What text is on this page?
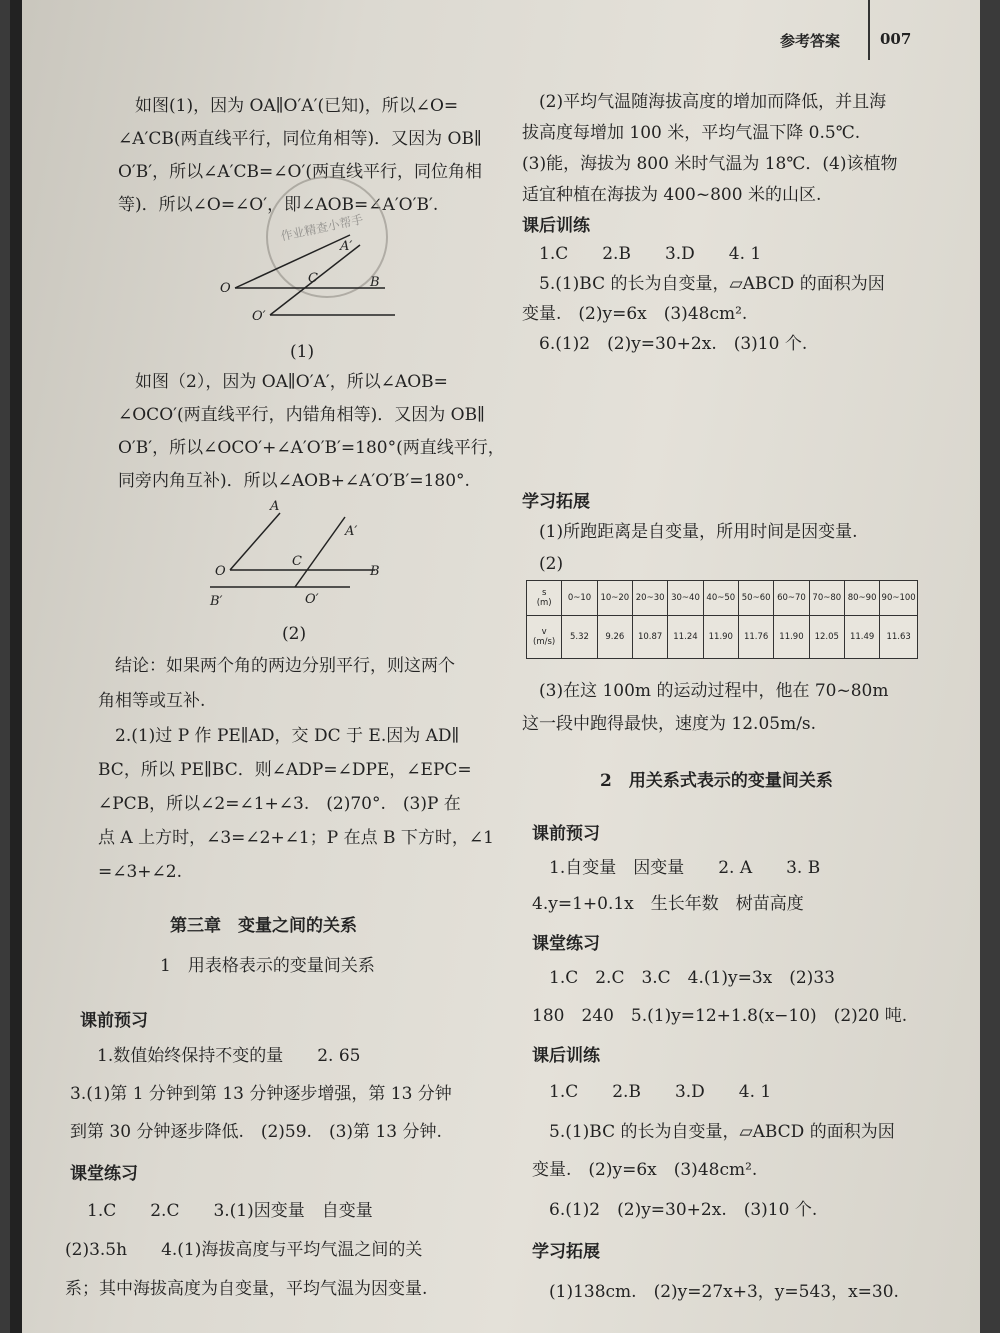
参考答案	007

　如图(1)，因为 OA∥O′A′(已知)，所以∠O=

∠A′CB(两直线平行，同位角相等)．又因为 OB∥

O′B′，所以∠A′CB=∠O′(两直线平行，同位角相

等)．所以∠O=∠O′，即∠AOB=∠A′O′B′.

作业精查小帮手
A′
O	B
O′
C

(1)

　如图（2），因为 OA∥O′A′，所以∠AOB=

∠OCO′(两直线平行，内错角相等)．又因为 OB∥

O′B′，所以∠OCO′+∠A′O′B′=180°(两直线平行，

同旁内角互补)．所以∠AOB+∠A′O′B′=180°.

A
A′
C
O	B
B′	O′

(2)

　结论：如果两个角的两边分别平行，则这两个

角相等或互补.

　2.(1)过 P 作 PE∥AD，交 DC 于 E.因为 AD∥

BC，所以 PE∥BC．则∠ADP=∠DPE，∠EPC=

∠PCB，所以∠2=∠1+∠3.　(2)70°.　(3)P 在

点 A 上方时，∠3=∠2+∠1；P 在点 B 下方时，∠1

=∠3+∠2.

第三章　变量之间的关系

1　用表格表示的变量间关系

课前预习

　1.数值始终保持不变的量　　2. 65

3.(1)第 1 分钟到第 13 分钟逐步增强，第 13 分钟

到第 30 分钟逐步降低.　(2)59.　(3)第 13 分钟.

课堂练习

　1.C　　2.C　　3.(1)因变量　自变量

(2)3.5h　　4.(1)海拔高度与平均气温之间的关

系；其中海拔高度为自变量，平均气温为因变量.

　(2)平均气温随海拔高度的增加而降低，并且海

拔高度每增加 100 米，平均气温下降 0.5℃.

(3)能，海拔为 800 米时气温为 18℃．(4)该植物

适宜种植在海拔为 400~800 米的山区.

课后训练

　1.C　　2.B　　3.D　　4. 1

　5.(1)BC 的长为自变量，▱ABCD 的面积为因

变量.　(2)y=6x　(3)48cm².

　6.(1)2　(2)y=30+2x.　(3)10 个.

学习拓展

　(1)所跑距离是自变量，所用时间是因变量.

　(2)

s
(m)	0~10	10~20	20~30	30~40	40~50	50~60	60~70	70~80	80~90	90~100
v
(m/s)	5.32	9.26	10.87	11.24	11.90	11.76	11.90	12.05	11.49	11.63

　(3)在这 100m 的运动过程中，他在 70~80m

这一段中跑得最快，速度为 12.05m/s.

2　用关系式表示的变量间关系

课前预习

　1.自变量　因变量　　2. A　　3. B

4.y=1+0.1x　生长年数　树苗高度

课堂练习

　1.C　2.C　3.C　4.(1)y=3x　(2)33

180　240　5.(1)y=12+1.8(x−10)　(2)20 吨.

课后训练

　1.C　　2.B　　3.D　　4. 1

　5.(1)BC 的长为自变量，▱ABCD 的面积为因

变量.　(2)y=6x　(3)48cm².

　6.(1)2　(2)y=30+2x.　(3)10 个.

学习拓展

　(1)138cm.　(2)y=27x+3，y=543，x=30.
